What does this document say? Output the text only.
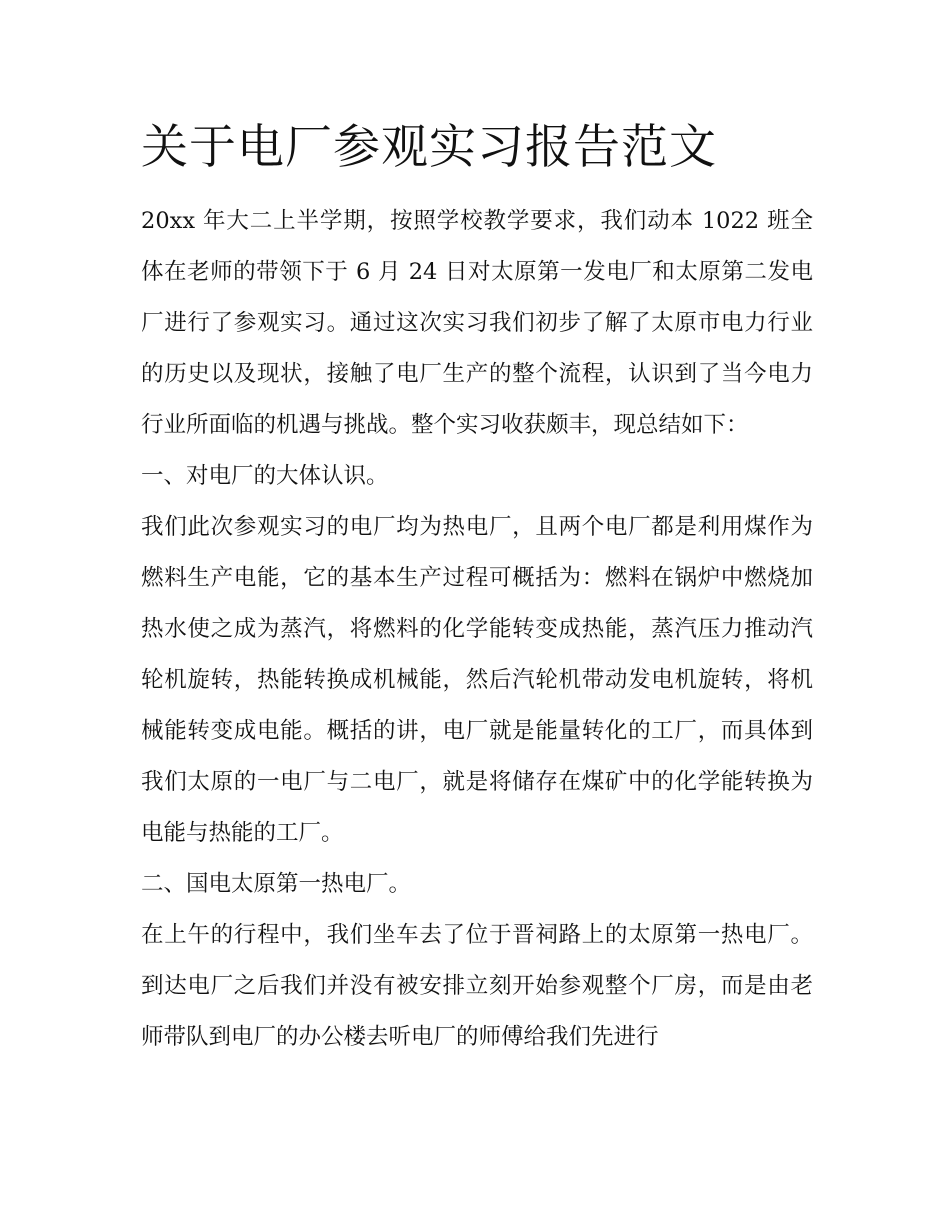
关于电厂参观实习报告范文

20xx 年大二上半学期，按照学校教学要求，我们动本 1022 班全体在老师的带领下于 6 月 24 日对太原第一发电厂和太原第二发电厂进行了参观实习。通过这次实习我们初步了解了太原市电力行业的历史以及现状，接触了电厂生产的整个流程，认识到了当今电力行业所面临的机遇与挑战。整个实习收获颇丰，现总结如下：

一、对电厂的大体认识。

我们此次参观实习的电厂均为热电厂，且两个电厂都是利用煤作为燃料生产电能，它的基本生产过程可概括为：燃料在锅炉中燃烧加热水使之成为蒸汽，将燃料的化学能转变成热能，蒸汽压力推动汽轮机旋转，热能转换成机械能，然后汽轮机带动发电机旋转，将机械能转变成电能。概括的讲，电厂就是能量转化的工厂，而具体到我们太原的一电厂与二电厂，就是将储存在煤矿中的化学能转换为电能与热能的工厂。

二、国电太原第一热电厂。

在上午的行程中，我们坐车去了位于晋祠路上的太原第一热电厂。到达电厂之后我们并没有被安排立刻开始参观整个厂房，而是由老师带队到电厂的办公楼去听电厂的师傅给我们先进行
